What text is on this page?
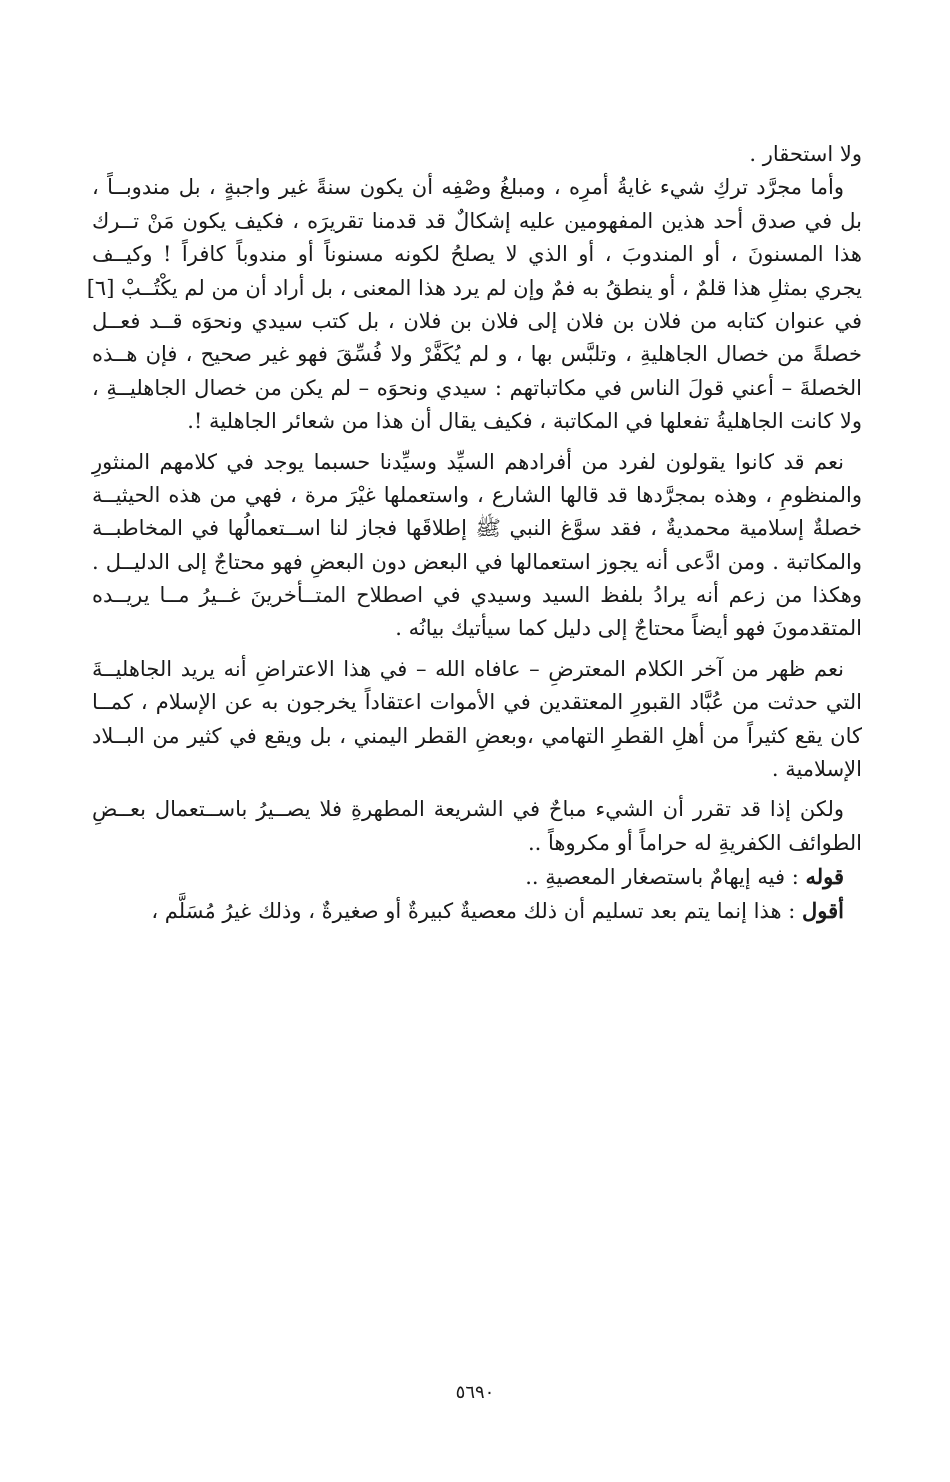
ولا استحقار .
وأما مجرَّد تركِ شيء غايةُ أمرِه ، ومبلغُ وصْفِه أن يكون سنةً غير واجبةٍ ، بل مندوبــاً ،
بل في صدق أحد هذين المفهومين عليه إشكالٌ قد قدمنا تقريرَه ، فكيف يكون مَنْ تــرك
هذا المسنونَ ، أو المندوبَ ، أو الذي لا يصلحُ لكونه مسنوناً أو مندوباً كافراً ! وكيــف
يجري بمثلِ هذا قلمٌ ، أو ينطقُ به فمٌ وإن لم يرد هذا المعنى ، بل أراد أن من لم يكْتُــبْ [٦]
في عنوان كتابه من فلان بن فلان إلى فلان بن فلان ، بل كتب سيدي ونحوَه قــد فعــل
خصلةً من خصال الجاهليةِ ، وتلبَّس بها ، و لم يُكَفَّرْ ولا فُسِّقَ فهو غير صحيح ، فإن هــذه
الخصلةَ – أعني قولَ الناس في مكاتباتهم : سيدي ونحوَه – لم يكن من خصال الجاهليــةِ ،
ولا كانت الجاهليةُ تفعلها في المكاتبة ، فكيف يقال أن هذا من شعائر الجاهلية !.
نعم قد كانوا يقولون لفرد من أفرادهم السيِّد وسيِّدنا حسبما يوجد في كلامهم المنثورِ
والمنظومِ ، وهذه بمجرَّدها قد قالها الشارع ، واستعملها غيْرَ مرة ، فهي من هذه الحيثيــة
خصلةٌ إسلامية محمديةٌ ، فقد سوَّغ النبي ﷺ إطلاقَها فجاز لنا اســتعمالُها في المخاطبــة
والمكاتبة . ومن ادَّعى أنه يجوز استعمالها في البعض دون البعضِ فهو محتاجٌ إلى الدليــل .
وهكذا من زعم أنه يرادُ بلفظ السيد وسيدي في اصطلاح المتــأخرينَ غــيرُ مــا يريــده
المتقدمونَ فهو أيضاً محتاجٌ إلى دليل كما سيأتيك بيانُه .
نعم ظهر من آخر الكلام المعترضِ – عافاه الله – في هذا الاعتراضِ أنه يريد الجاهليــةَ
التي حدثت من عُبَّاد القبورِ المعتقدين في الأموات اعتقاداً يخرجون به عن الإسلام ، كمــا
كان يقع كثيراً من أهلِ القطرِ التهامي ،وبعضِ القطر اليمني ، بل ويقع في كثير من البــلاد
الإسلامية .
ولكن إذا قد تقرر أن الشيء مباحٌ في الشريعة المطهرةِ فلا يصــيرُ باســتعمال بعــضِ
الطوائف الكفريةِ له حراماً أو مكروهاً ..
قوله : فيه إيهامٌ باستصغار المعصيةِ ..
أقول : هذا إنما يتم بعد تسليم أن ذلك معصيةٌ كبيرةٌ أو صغيرةٌ ، وذلك غيرُ مُسَلَّم ،
٥٦٩٠
